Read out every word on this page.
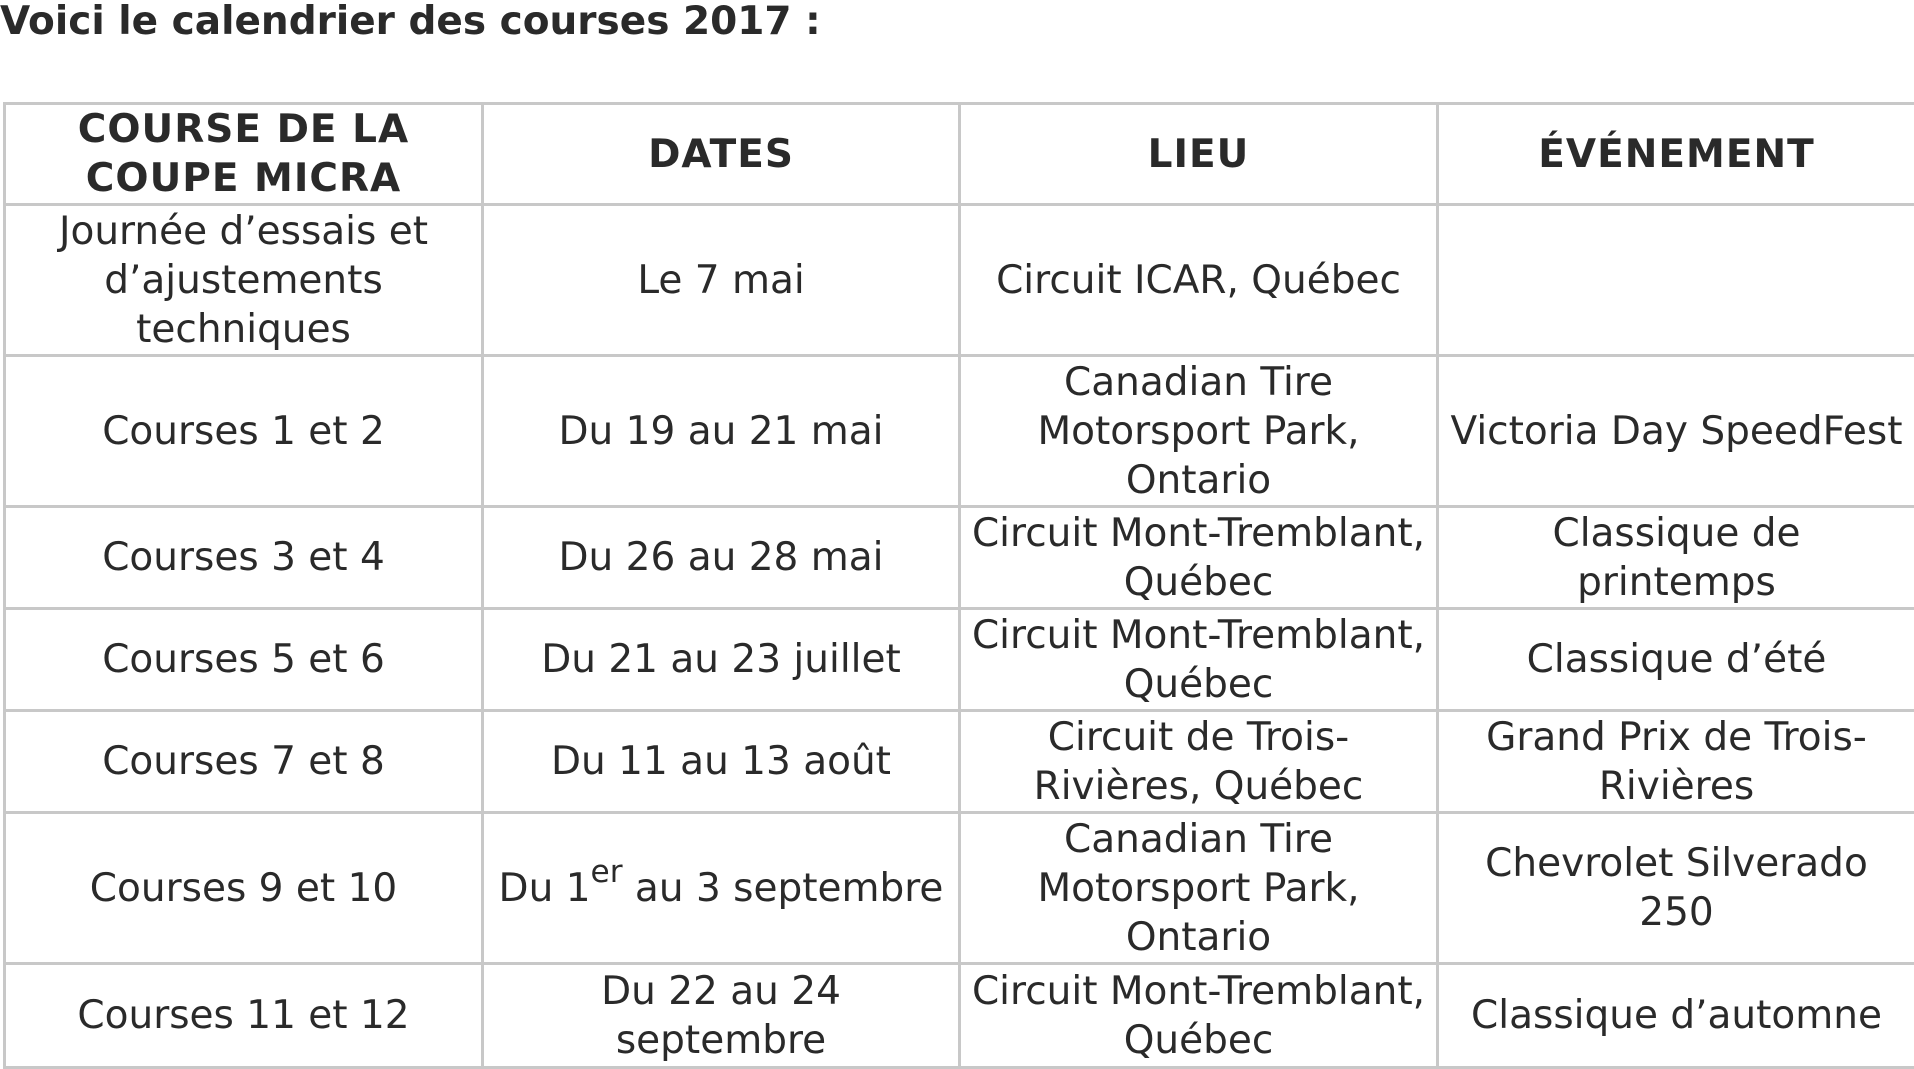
Voici le calendrier des courses 2017 :
COURSE DE LA COUPE MICRA	DATES	LIEU	ÉVÉNEMENT
Journée d’essais et d’ajustements techniques	Le 7 mai	Circuit ICAR, Québec	
Courses 1 et 2	Du 19 au 21 mai	Canadian Tire Motorsport Park, Ontario	Victoria Day SpeedFest
Courses 3 et 4	Du 26 au 28 mai	Circuit Mont-Tremblant, Québec	Classique de printemps
Courses 5 et 6	Du 21 au 23 juillet	Circuit Mont-Tremblant, Québec	Classique d’été
Courses 7 et 8	Du 11 au 13 août	Circuit de Trois-Rivières, Québec	Grand Prix de Trois-Rivières
Courses 9 et 10	Du 1er au 3 septembre	Canadian Tire Motorsport Park, Ontario	Chevrolet Silverado 250
Courses 11 et 12	Du 22 au 24 septembre	Circuit Mont-Tremblant, Québec	Classique d’automne
